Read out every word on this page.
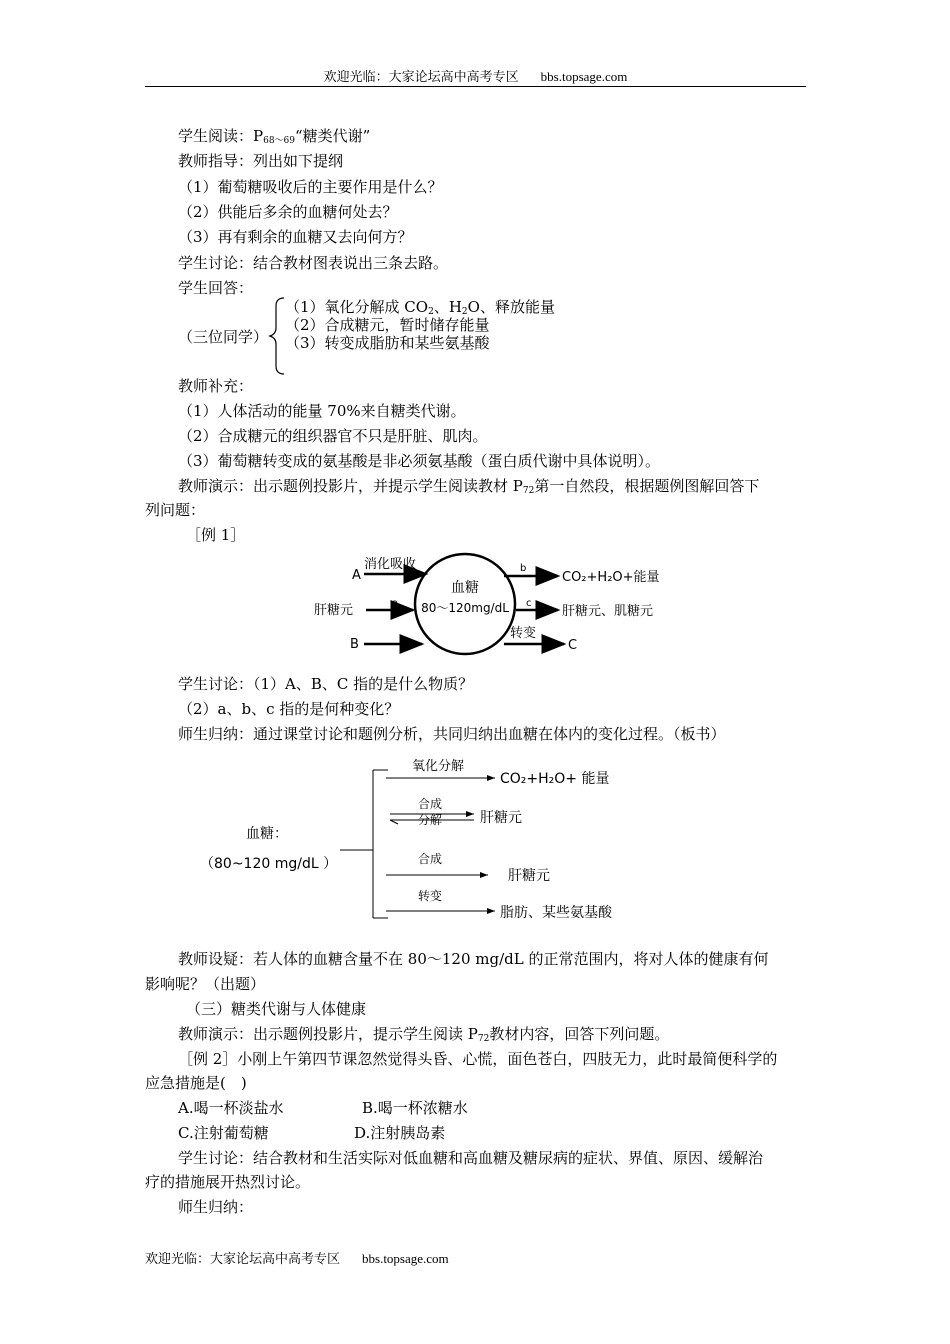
欢迎光临：大家论坛高中高考专区 bbs.topsage.com
学生阅读：$P_{68\sim 69}“$糖类代谢”
教师指导：列出如下提纲
（1）葡萄糖吸收后的主要作用是什么？
（2）供能后多余的血糖何处去？
（3）再有剩余的血糖又去向何方？
学生讨论：结合教材图表说出三条去路。
学生回答：
（三位同学）
（1）氧化分解成 $CO_2$、$H_2O$、释放能量
（2）合成糖元，暂时储存能量
（3）转变成脂肪和某些氨基酸
教师补充：
（1）人体活动的能量 70%来自糖类代谢。
（2）合成糖元的组织器官不只是肝脏、肌肉。
（3）葡萄糖转变成的氨基酸是非必须氨基酸（蛋白质代谢中具体说明）。
教师演示：出示题例投影片，并提示学生阅读教材 $P_{72}$第一自然段，根据题例图解回答下
列问题：
［例 1］
血糖
80～120mg/dL
A
消化吸收
肝糖元	a
B
b
CO₂+H₂O+能量
c
肝糖元、肌糖元
转变
C
学生讨论：（1）A、B、C 指的是什么物质？
（2）a、b、c 指的是何种变化？
师生归纳：通过课堂讨论和题例分析，共同归纳出血糖在体内的变化过程。（板书）
血糖：
（80~120 mg/dL ）
氧化分解
CO₂+H₂O+ 能量
合成
分解	肝糖元
合成
肝糖元
转变
脂肪、某些氨基酸
教师设疑：若人体的血糖含量不在 80～120 mg/dL 的正常范围内，将对人体的健康有何
影响呢？（出题）
（三）糖类代谢与人体健康
教师演示：出示题例投影片，提示学生阅读 $P_{72}$教材内容，回答下列问题。
［例 2］小刚上午第四节课忽然觉得头昏、心慌，面色苍白，四肢无力，此时最简便科学的
应急措施是(　)
A.喝一杯淡盐水	B.喝一杯浓糖水
C.注射葡萄糖	D.注射胰岛素
学生讨论：结合教材和生活实际对低血糖和高血糖及糖尿病的症状、界值、原因、缓解治
疗的措施展开热烈讨论。
师生归纳：
欢迎光临：大家论坛高中高考专区 bbs.topsage.com
